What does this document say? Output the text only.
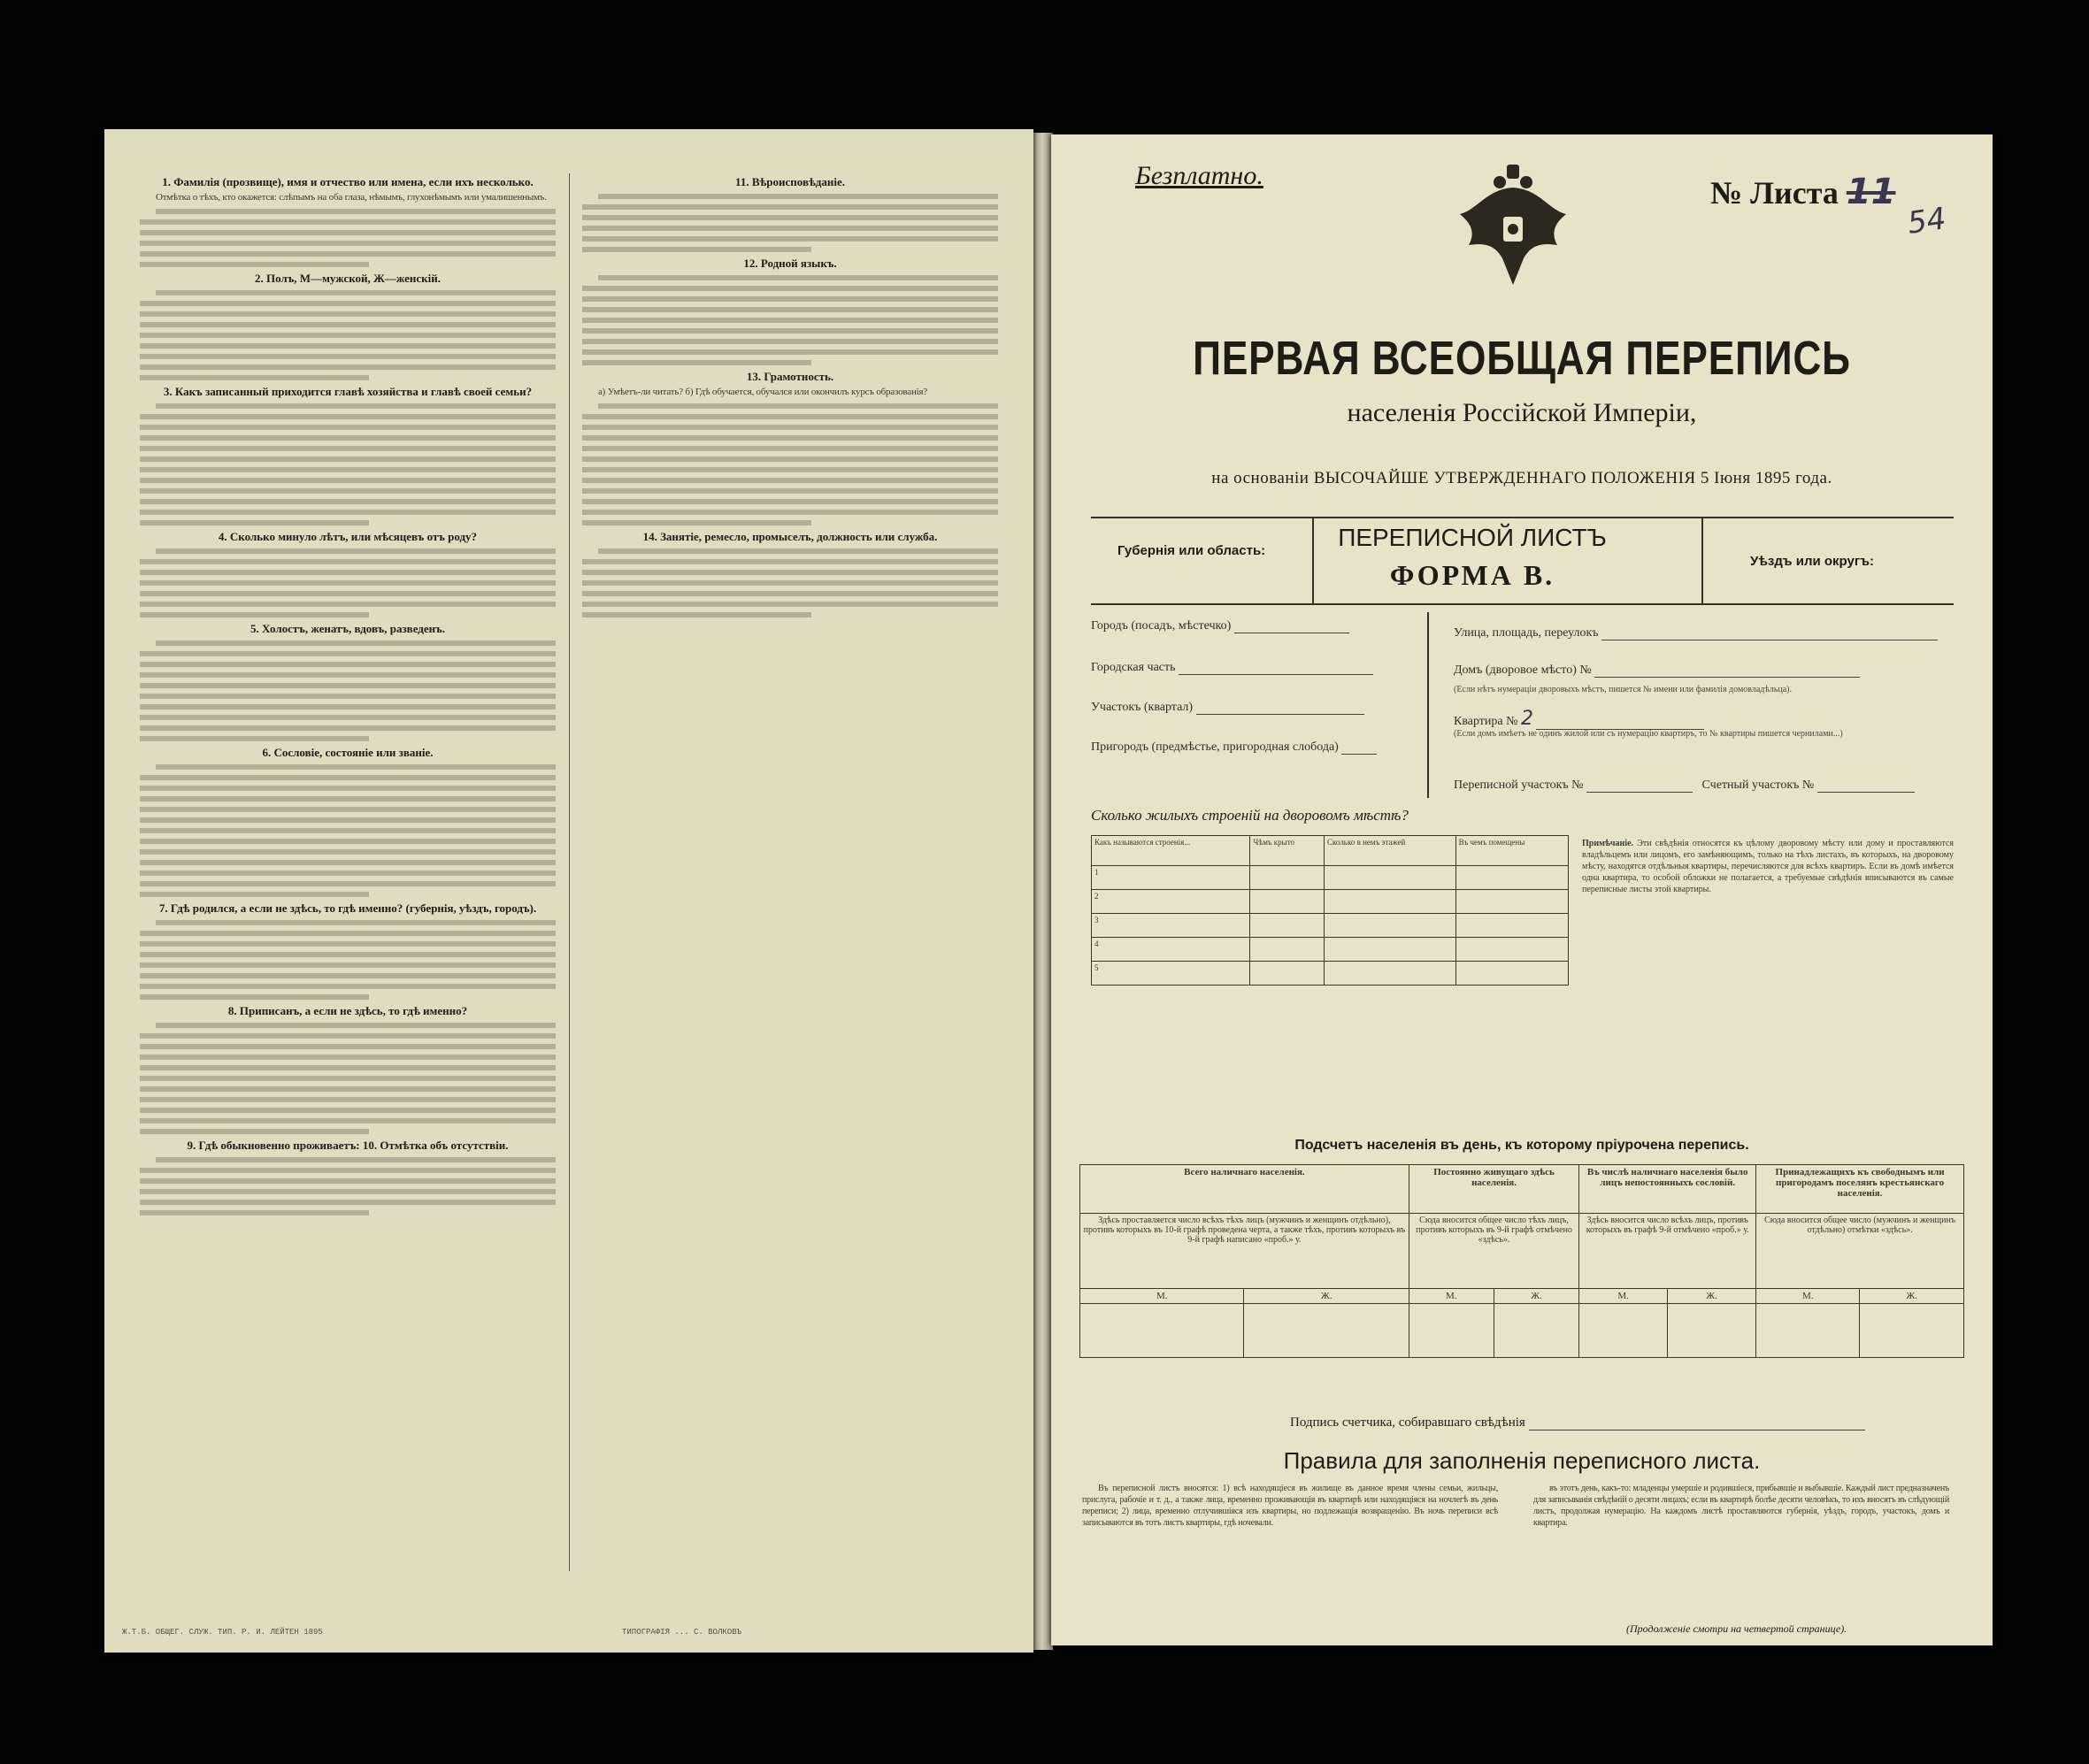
1. Фамилія (прозвище), имя и отчество или имена, если ихъ несколько.
Отмѣтка о тѣхъ, кто окажется: слѣпымъ на оба глаза, нѣмымъ, глухонѣмымъ или умалишеннымъ.
2. Полъ, М—мужской, Ж—женскій.
3. Какъ записанный приходится главѣ хозяйства и главѣ своей семьи?
4. Сколько минуло лѣтъ, или мѣсяцевъ отъ роду?
5. Холостъ, женатъ, вдовъ, разведенъ.
6. Сословіе, состояніе или званіе.
7. Гдѣ родился, а если не здѣсь, то гдѣ именно? (губернія, уѣздъ, городъ).
8. Приписанъ, а если не здѣсь, то гдѣ именно?
9. Гдѣ обыкновенно проживаетъ: 10. Отмѣтка объ отсутствіи.
11. Вѣроисповѣданіе.
12. Родной языкъ.
13. Грамотность.
а) Умѣетъ-ли читать? б) Гдѣ обучается, обучался или окончилъ курсъ образованія?
14. Занятіе, ремесло, промыселъ, должность или служба.
Ж.Т.Б. ОБЩЕГ. СЛУЖ. ТИП. Р. И. ЛЕЙТЕН 1895	ТИПОГРАФІЯ ... С. ВОЛКОВЪ
Безплатно.	№ Листа 11
54
ПЕРВАЯ ВСЕОБЩАЯ ПЕРЕПИСЬ
населенія Россійской Имперіи,
на основаніи ВЫСОЧАЙШЕ УТВЕРЖДЕННАГО ПОЛОЖЕНІЯ 5 Іюня 1895 года.
Губернія или область:	ПЕРЕПИСНОЙ ЛИСТЪ
ФОРМА В.	Уѣздъ или округъ:
Городъ (посадъ, мѣстечко)
Городская часть
Участокъ (квартал)
Пригородъ (предмѣстье, пригородная слобода)
Улица, площадь, переулокъ
Домъ (дворовое мѣсто) №
(Если нѣтъ нумераціи дворовыхъ мѣстъ, пишется № имени или фамилія домовладѣльца).
Квартира № 2
(Если домъ имѣетъ не одинъ жилой или съ нумерацію квартиръ, то № квартиры пишется чернилами...)
Переписной участокъ №	Счетный участокъ №
Сколько жилыхъ строеній на дворовомъ мѣстѣ?
Какъ называются строенія...	Чѣмъ крыто	Сколько в немъ этажей	Въ чемъ помещены
1			
2			
3			
4			
5			
Примѣчаніе. Эти свѣдѣнія относятся къ цѣлому дворовому мѣсту или дому и проставляются владѣльцемъ или лицомъ, его замѣняющимъ, только на тѣхъ листахъ, въ которыхъ, на дворовому мѣсту, находятся отдѣльныя квартиры, перечисляются для всѣхъ квартиръ. Если въ домѣ имѣется одна квартира, то особой обложки не полагается, а требуемые свѣдѣнія вписываются въ самые переписные листы этой квартиры.
Подсчетъ населенія въ день, къ которому пріурочена перепись.
Всего наличнаго населенія.		Постоянно живущаго здѣсь населенія.		Въ числѣ наличнаго населенія было лицъ непостоянныхъ сословій.		Принадлежащихъ къ свободнымъ или пригородамъ поселянъ крестьянскаго населенія.	
Здѣсь проставляется число всѣхъ тѣхъ лицъ (мужчинъ и женщинъ отдѣльно), противъ которыхъ въ 10-й графѣ проведена черта, а также тѣхъ, противъ которыхъ въ 9-й графѣ написано «проб.» у.		Сюда вносится общее число тѣхъ лицъ, противъ которыхъ въ 9-й графѣ отмѣчено «здѣсь».		Здѣсь вносится число всѣхъ лицъ, противъ которыхъ въ графѣ 9-й отмѣчено «проб.» у.		Сюда вносится общее число (мужчинъ и женщинъ отдѣльно) отмѣтки «здѣсь».	
М.	Ж.	М.	Ж.	М.	Ж.	М.	Ж.

Подпись счетчика, собиравшаго свѣдѣнія
Правила для заполненія переписного листа.
Въ переписной листъ вносятся: 1) всѣ находящіеся въ жилище въ данное время члены семьи, жильцы, прислуга, рабочіе и т. д., а также лица, временно проживающія въ квартирѣ или находящіяся на ночлегѣ въ день переписи; 2) лица, временно отлучившіяся изъ квартиры, но подлежащія возвращенію. Въ ночь переписи всѣ записываются въ тотъ листъ квартиры, гдѣ ночевали.
въ этотъ день, какъ-то: младенцы умершіе и родившіеся, прибывшіе и выбывшіе. Каждый лист предназначенъ для записыванія свѣдѣній о десяти лицахъ; если въ квартирѣ болѣе десяти человѣкъ, то ихъ вносятъ въ слѣдующій листъ, продолжая нумерацію. На каждомъ листѣ проставляются губернія, уѣздъ, городъ, участокъ, домъ и квартира.
(Продолженіе смотри на четвертой странице).
